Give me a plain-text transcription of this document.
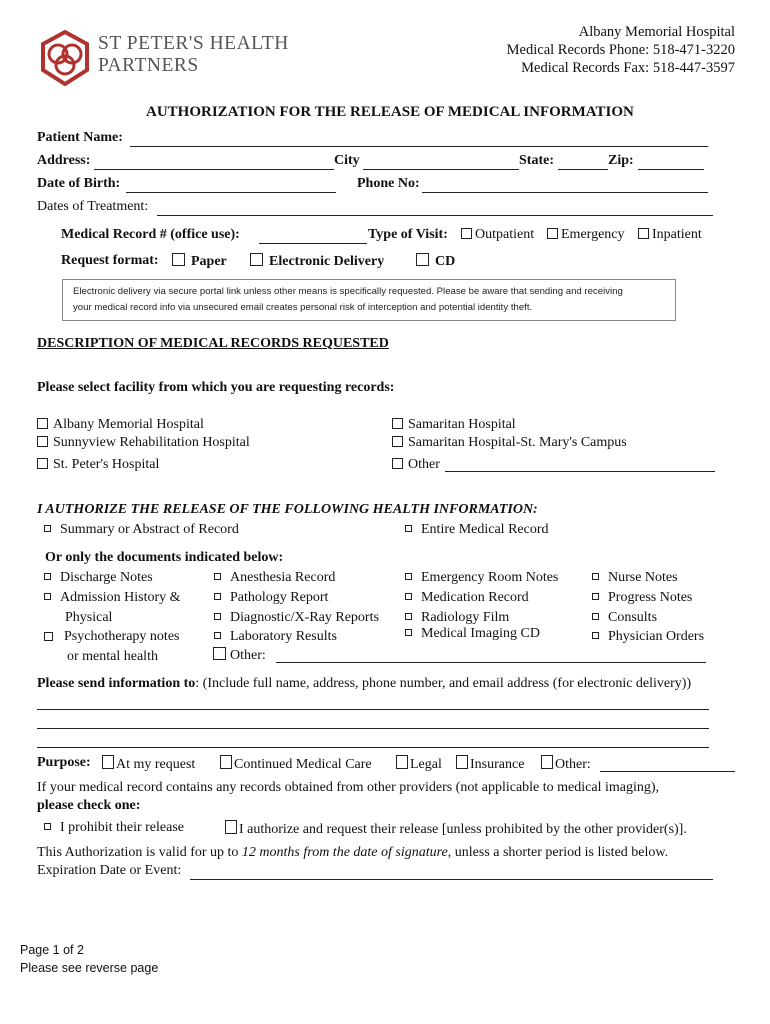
ST PETER'S HEALTH
PARTNERS
Albany Memorial Hospital
Medical Records Phone: 518-471-3220
Medical Records Fax: 518-447-3597
AUTHORIZATION FOR THE RELEASE OF MEDICAL INFORMATION
Patient Name:
Address:	City	State:	Zip:
Date of Birth:	Phone No:
Dates of Treatment:
Medical Record # (office use):	Type of Visit:	Outpatient	Emergency	Inpatient
Request format:	Paper	Electronic Delivery	CD
Electronic delivery via secure portal link unless other means is specifically requested. Please be aware that sending and receiving
your medical record info via unsecured email creates personal risk of interception and potential identity theft.
DESCRIPTION OF MEDICAL RECORDS REQUESTED
Please select facility from which you are requesting records:
Albany Memorial Hospital
Sunnyview Rehabilitation Hospital
St. Peter's Hospital
Samaritan Hospital
Samaritan Hospital-St. Mary's Campus
Other
I AUTHORIZE THE RELEASE OF THE FOLLOWING HEALTH INFORMATION:
Summary or Abstract of Record	Entire Medical Record
Or only the documents indicated below:
Discharge Notes
Admission History &
Physical
Psychotherapy notes
or mental health
Anesthesia Record
Pathology Report
Diagnostic/X-Ray Reports
Laboratory Results
Other:
Emergency Room Notes
Medication Record
Radiology Film
Medical Imaging CD
Nurse Notes
Progress Notes
Consults
Physician Orders
Please send information to: (Include full name, address, phone number, and email address (for electronic delivery))
Purpose:	At my request	Continued Medical Care	Legal	Insurance	Other:
If your medical record contains any records obtained from other providers (not applicable to medical imaging),
please check one:
I prohibit their release	I authorize and request their release [unless prohibited by the other provider(s)].
This Authorization is valid for up to 12 months from the date of signature, unless a shorter period is listed below.
Expiration Date or Event:
Page 1 of 2
Please see reverse page
